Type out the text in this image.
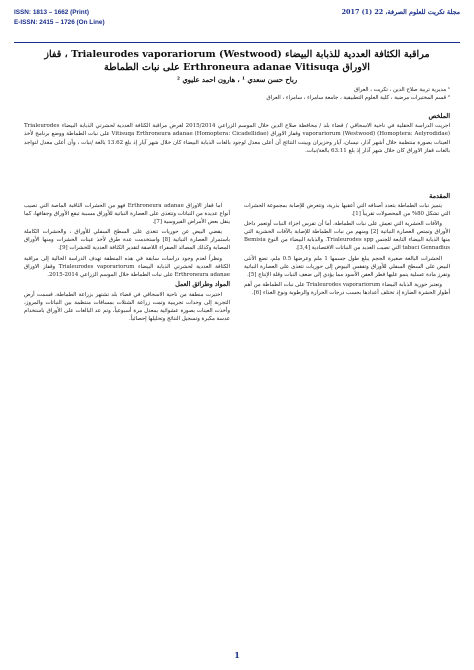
ISSN: 1813 – 1662 (Print)
E-ISSN: 2415 – 1726 (On Line)
مجلة تكريت للعلوم الصرفة، 22 (1) 2017
مراقبة الكثافة العددية للذبابة البيضاء Trialeurodes vaporariorum (Westwood) ، قفاز
الاوراق Erthroneura adanae Vitisuqa على نبات الطماطة
رباح حسن سعدي ¹ ، هارون احمد عليوي ²
¹ مديرية تربية صلاح الدين ، تكريت ، العراق
² قسم المختبرات مرضية ، كلية العلوم التطبيقية ، جامعة سامراء ، سامراء ، العراق
الملخص
اجريت الدراسة الحقلية في ناحية الاسحاقي / قضاء بلد / محافظة صلاح الدين خلال الموسم الزراعي 2015/2014 لغرض مراقبة الكثافة العددية لحشرتي الذبابة البيضاء Trialeurodes vaporariorum (Westwood) (Homoptera: Aelyrodidae) وقفاز الاوراق Vitisuqa Erthroneura adanae (Homoptera: Cicadellidae) على نبات الطماطة ووضع برنامج لأخذ العينات بصورة منتظمة خلال أشهر آذار، نيسان، آيار وحزيران وبينت النتائج أن أعلى معدل لوجود بالغات الذبابة البيضاء كان خلال شهر آيار إذ بلغ 13.62 بالغة /نبات ، وأن أعلى معدل لتواجد بالغات قفاز الاوراق كان خلال شهر آذار إذ بلغ 63.11 بالغة/نبات.
المقدمة

يتميز نبات الطماطة بتعدد أصنافه التي أعقبها بذرية، وتتعرض للإصابة بمجموعة الحشرات التي تشكل 80% من المحصولات تقريباً [1].

والآفات الحشرية التي تعيش على نبات الطماطة، أما أن تفرس اجزاء النبات أوتعمر داخل الأوراق وتمتص العصارة النباتية [2] ومنهم من نبات الطماطة للإصابة بالآفات الحشرية التي منها الذبابة البيضاء التابعة للجنس Trialeurodes spp. والذبابة البيضاء من النوع Bemisia tabaci Gennadius التي تصيب العديد من النباتات الاقتصادية [3,4].

الحشرات البالغة صغيرة الحجم يبلغ طول جسمها 1 ملم وعرضها 0.5 ملم، تضع الأنثى البيض على السطح السفلي للأوراق وتفقس البيوض إلى حوريات تتغذى على العصارة النباتية وتفرز مادة عسلية ينمو عليها فطر العفن الأسود مما يؤدي إلى ضعف النبات وقلة الإنتاج [5].

وتعتبر حورية الذبابة البيضاء Trialeurodes vaporariorum على نبات الطماطة من أهم أطوار الحشرة الضارة إذ تختلف أعدادها بحسب درجات الحرارة والرطوبة ونوع الغذاء [6].

اما قفاز الاوراق Erthroneura adanae فهو من الحشرات الثاقبة الماصة التي تصيب أنواع عديدة من النباتات وتتغذى على العصارة النباتية للأوراق مسببة تبقع الأوراق وجفافها، كما ينقل بعض الأمراض الفيروسية [7].

يقضي البيض عن حوريات تتغذى على السطح السفلي للأوراق ، والحشرات الكاملة باستمرار العصارة النباتية [8] واستخدمت عدة طرق لأخذ عينات الحشرات ومنها الأوراق المصابة وكذلك المصائد الصفراء اللاصقة لتقدير الكثافة العددية للحشرات [9].

ونظراً لعدم وجود دراسات سابقة في هذه المنطقة تهدف الدراسة الحالية إلى مراقبة الكثافة العددية لحشرتي الذبابة البيضاء Trialeurodes vaporariorum وقفاز الاوراق Erthroneura adanae على نبات الطماطة خلال الموسم الزراعي 2014-2015.

المواد وطرائق العمل

اختيرت منطقة من ناحية الاسحاقي في قضاء بلد تشتهر بزراعة الطماطة، قسمت أرض التجربة إلى وحدات تجريبية وتمت زراعة الشتلات بمسافات منتظمة بين النباتات والمروز، وأخذت العينات بصورة عشوائية بمعدل مرة أسبوعياً، وتم عد البالغات على الأوراق باستخدام عدسة مكبرة وتسجيل النتائج وتحليلها إحصائياً.

1
